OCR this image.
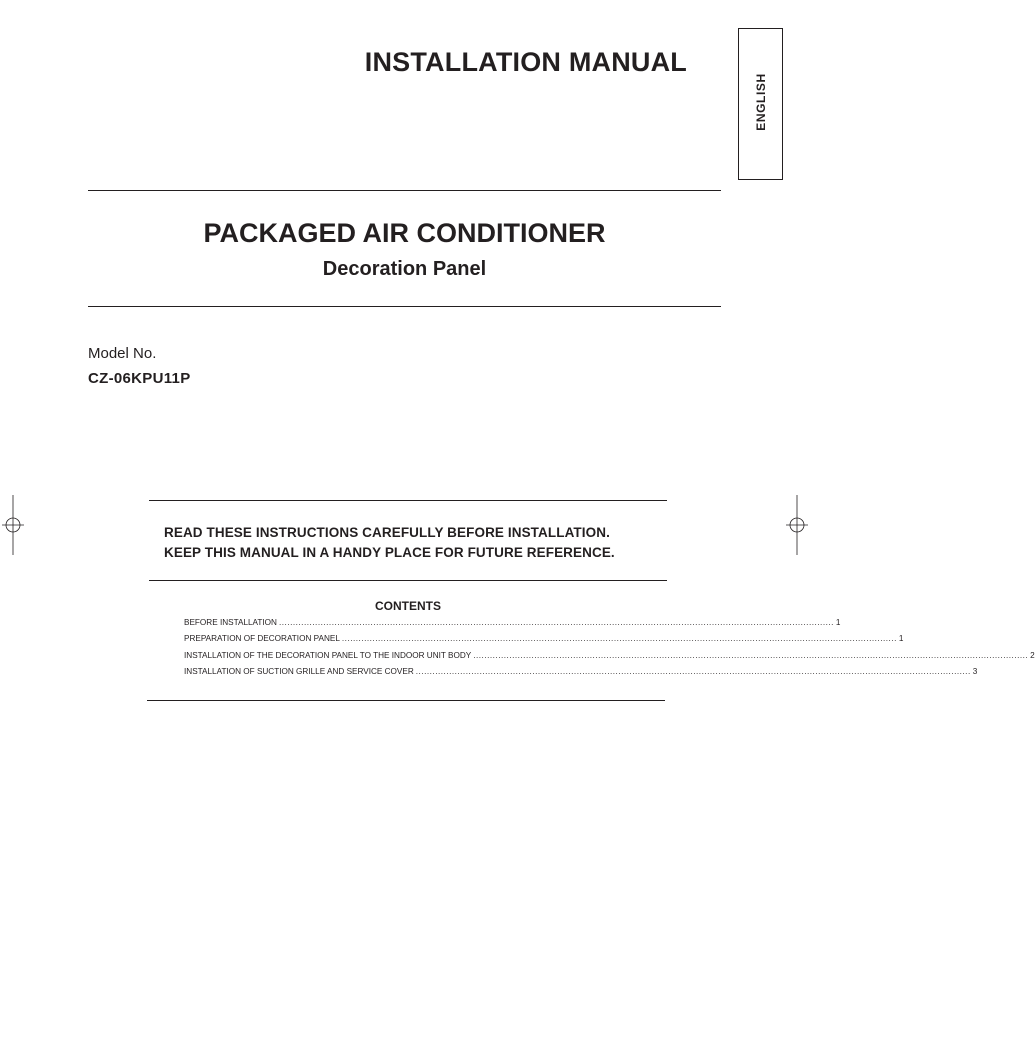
INSTALLATION MANUAL
ENGLISH
PACKAGED AIR CONDITIONER
Decoration Panel
Model No.
CZ-06KPU11P
READ THESE INSTRUCTIONS CAREFULLY BEFORE INSTALLATION.
KEEP THIS MANUAL IN A HANDY PLACE FOR FUTURE REFERENCE.
CONTENTS
BEFORE INSTALLATION ........................................................................................................................................................................................................ 1
PREPARATION OF DECORATION PANEL ........................................................................................................................................................................................................ 1
INSTALLATION OF THE DECORATION PANEL TO THE INDOOR UNIT BODY ........................................................................................................................................................................................................ 2
INSTALLATION OF SUCTION GRILLE AND SERVICE COVER ........................................................................................................................................................................................................ 3
